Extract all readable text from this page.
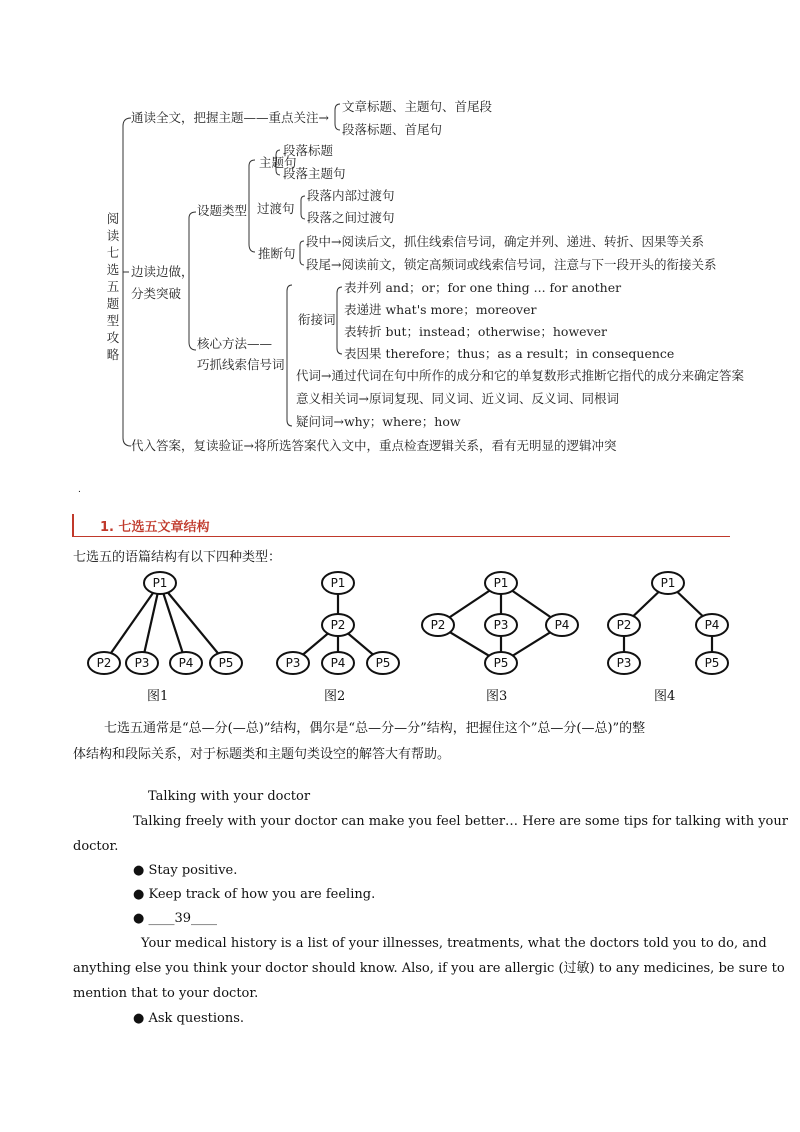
阅读七选五题型攻略
通读全文，把握主题——重点关注→
文章标题、主题句、首尾段
段落标题、首尾句
边读边做，
分类突破
设题类型
主题句
段落标题
段落主题句
过渡句
段落内部过渡句
段落之间过渡句
推断句
段中→阅读后文，抓住线索信号词，确定并列、递进、转折、因果等关系
段尾→阅读前文，锁定高频词或线索信号词，注意与下一段开头的衔接关系
核心方法——
巧抓线索信号词
衔接词
表并列 and；or；for one thing ... for another
表递进 what's more；moreover
表转折 but；instead；otherwise；however
表因果 therefore；thus；as a result；in consequence
代词→通过代词在句中所作的成分和它的单复数形式推断它指代的成分来确定答案
意义相关词→原词复现、同义词、近义词、反义词、同根词
疑问词→why；where；how
代入答案，复读验证→将所选答案代入文中，重点检查逻辑关系，看有无明显的逻辑冲突
.
1. 七选五文章结构
七选五的语篇结构有以下四种类型：
P1
P2 P3 P4 P5
P1
P2
P3	P4	P5
P1
P2	P3	P4
P5
P1
P2	P4
P3	P5
图1	图2	图3	图4
七选五通常是“总—分(—总)”结构，偶尔是“总—分—分”结构，把握住这个”总—分(—总)”的整
体结构和段际关系，对于标题类和主题句类设空的解答大有帮助。
Talking with your doctor
Talking freely with your doctor can make you feel better… Here are some tips for talking with your
doctor.
● Stay positive.
● Keep track of how you are feeling.
● ____39____
Your medical history is a list of your illnesses, treatments, what the doctors told you to do, and
anything else you think your doctor should know. Also, if you are allergic (过敏) to any medicines, be sure to
mention that to your doctor.
● Ask questions.
